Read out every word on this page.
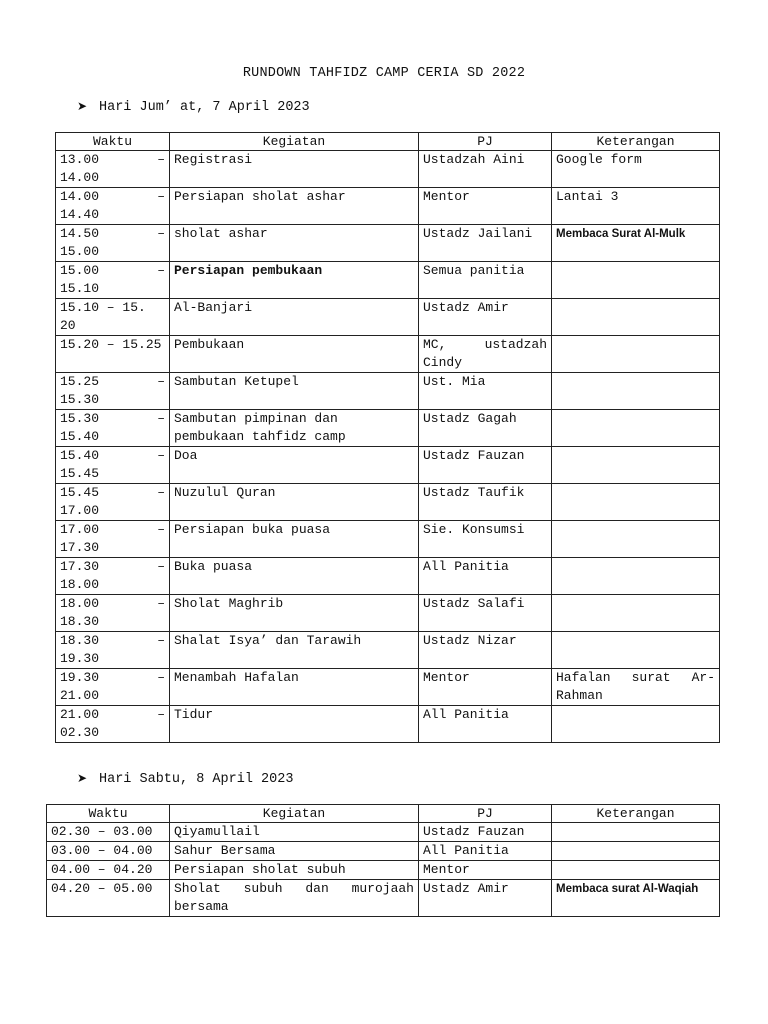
RUNDOWN TAHFIDZ CAMP CERIA SD 2022
➤ Hari Jum’ at, 7 April 2023
Waktu	Kegiatan	PJ	Keterangan

13.00 –
14.00	Registrasi	Ustadzah Aini	Google form

14.00 –
14.40	Persiapan sholat ashar	Mentor	Lantai 3

14.50 –
15.00	sholat ashar	Ustadz Jailani	Membaca Surat Al-Mulk

15.00 –
15.10	Persiapan pembukaan	Semua panitia	

15.10 – 15.
20	Al-Banjari	Ustadz Amir	

15.20 – 15.25	Pembukaan	MC, ustadzah Cindy	

15.25 –
15.30	Sambutan Ketupel	Ust. Mia	

15.30 –
15.40	Sambutan pimpinan dan pembukaan tahfidz camp	Ustadz Gagah	

15.40 –
15.45	Doa	Ustadz Fauzan	

15.45 –
17.00	Nuzulul Quran	Ustadz Taufik	

17.00 –
17.30	Persiapan buka puasa	Sie. Konsumsi	

17.30 –
18.00	Buka puasa	All Panitia	

18.00 –
18.30	Sholat Maghrib	Ustadz Salafi	

18.30 –
19.30	Shalat Isya’ dan Tarawih	Ustadz Nizar	

19.30 –
21.00	Menambah Hafalan	Mentor	Hafalan surat Ar-Rahman

21.00 –
02.30	Tidur	All Panitia	
➤ Hari Sabtu, 8 April 2023
Waktu	Kegiatan	PJ	Keterangan
02.30 – 03.00	Qiyamullail	Ustadz Fauzan	
03.00 – 04.00	Sahur Bersama	All Panitia	
04.00 – 04.20	Persiapan sholat subuh	Mentor	
04.20 – 05.00	Sholat subuh dan murojaah bersama	Ustadz Amir	Membaca surat Al-Waqiah
